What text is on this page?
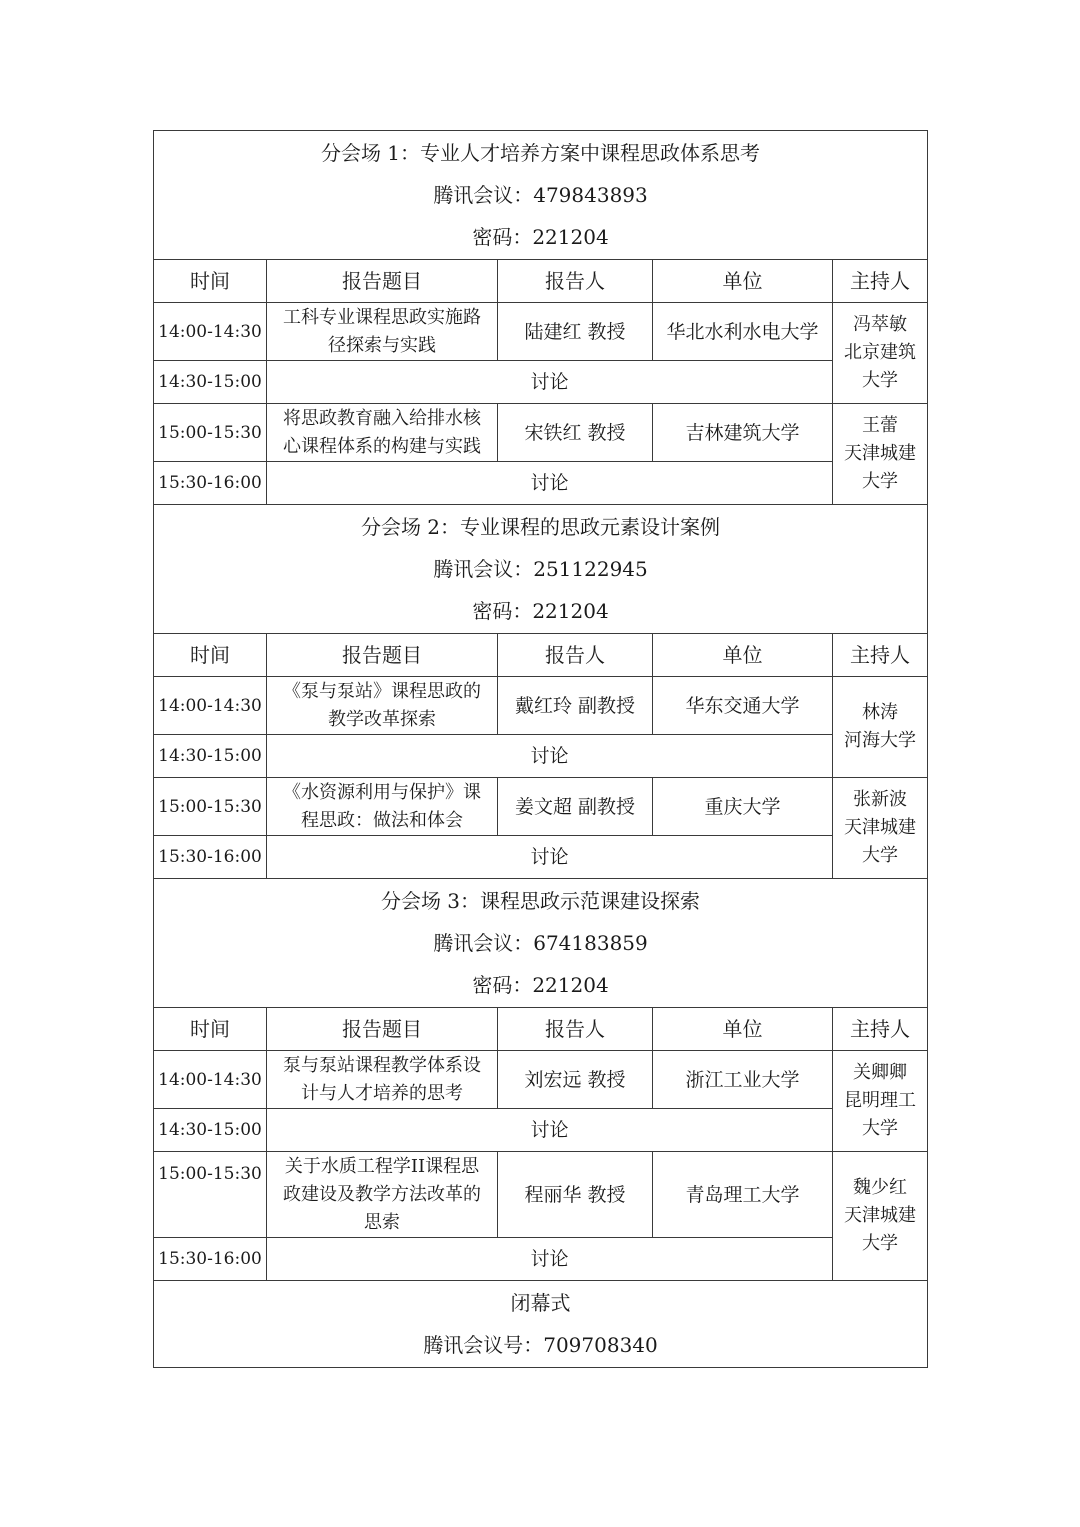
分会场 1：专业人才培养方案中课程思政体系思考
腾讯会议：479843893
密码：221204				

时间	报告题目	报告人	单位	主持人
14:00-14:30	工科专业课程思政实施路
径探索与实践	陆建红 教授	华北水利水电大学	冯萃敏
北京建筑
大学

14:30-15:00	讨论			
15:00-15:30	将思政教育融入给排水核
心课程体系的构建与实践	宋铁红 教授	吉林建筑大学	王蕾
天津城建
大学

15:30-16:00	讨论			

分会场 2：专业课程的思政元素设计案例
腾讯会议：251122945
密码：221204				

时间	报告题目	报告人	单位	主持人
14:00-14:30	《泵与泵站》课程思政的
教学改革探索	戴红玲 副教授	华东交通大学	林涛
河海大学

14:30-15:00	讨论			
15:00-15:30	《水资源利用与保护》课
程思政：做法和体会	姜文超 副教授	重庆大学	张新波
天津城建
大学

15:30-16:00	讨论			

分会场 3：课程思政示范课建设探索
腾讯会议：674183859
密码：221204				

时间	报告题目	报告人	单位	主持人
14:00-14:30	泵与泵站课程教学体系设
计与人才培养的思考	刘宏远 教授	浙江工业大学	关卿卿
昆明理工
大学

14:30-15:00	讨论			
15:00-15:30	关于水质工程学II课程思
政建设及教学方法改革的
思索	程丽华 教授	青岛理工大学	魏少红
天津城建
大学

15:30-16:00	讨论			

闭幕式
腾讯会议号：709708340				
